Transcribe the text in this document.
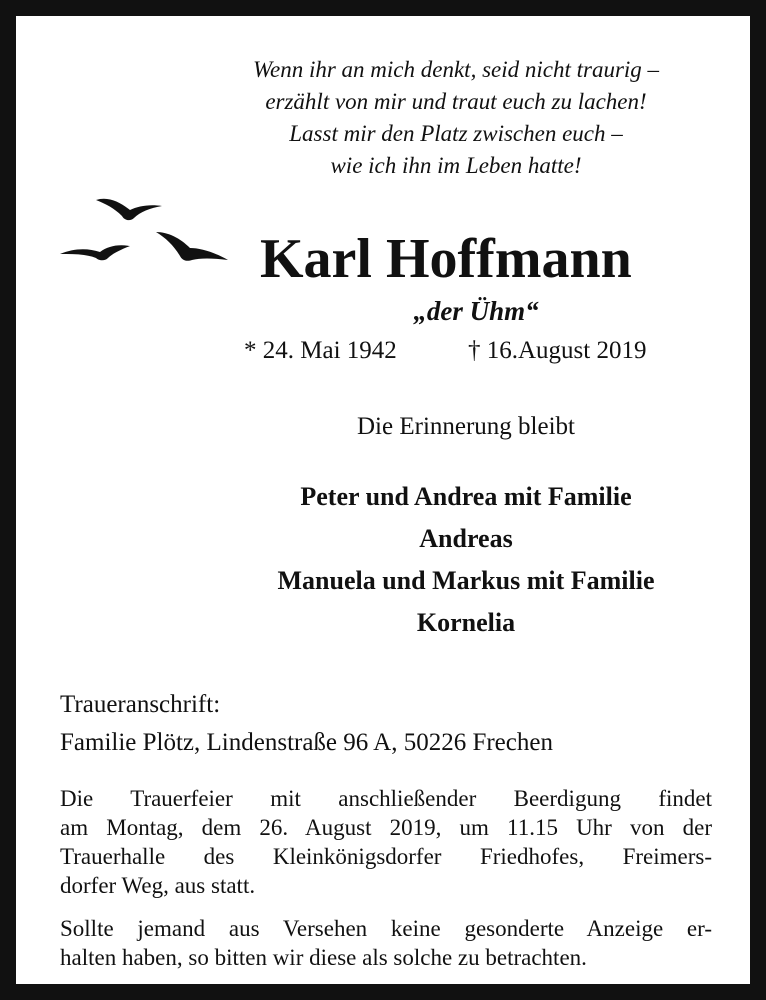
Wenn ihr an mich denkt, seid nicht traurig –
erzählt von mir und traut euch zu lachen!
Lasst mir den Platz zwischen euch –
wie ich ihn im Leben hatte!
Karl Hoffmann
„der Ühm“
* 24. Mai 1942	† 16.August 2019
Die Erinnerung bleibt
Peter und Andrea mit Familie
Andreas
Manuela und Markus mit Familie
Kornelia
Traueranschrift:
Familie Plötz, Lindenstraße 96 A, 50226 Frechen
Die Trauerfeier mit anschließender Beerdigung findet
am Montag, dem 26. August 2019, um 11.15 Uhr von der
Trauerhalle des Kleinkönigsdorfer Friedhofes, Freimers-
dorfer Weg, aus statt.
Sollte jemand aus Versehen keine gesonderte Anzeige er-
halten haben, so bitten wir diese als solche zu betrachten.
